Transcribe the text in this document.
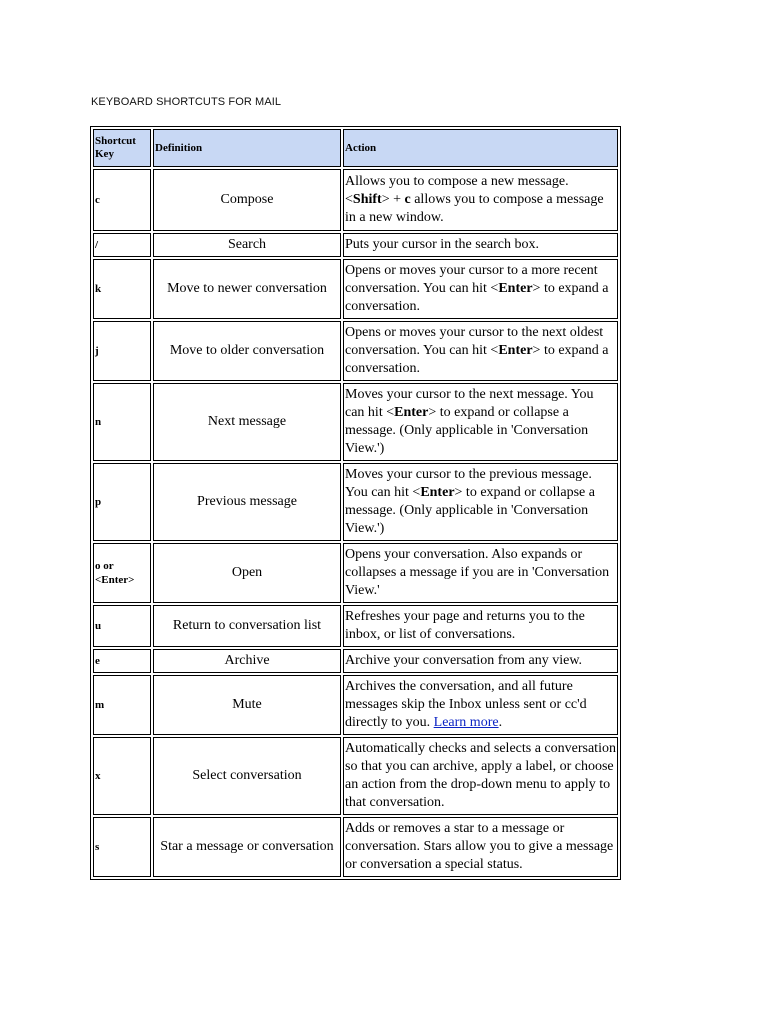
KEYBOARD SHORTCUTS FOR MAIL
Shortcut Key	Definition	Action
c	Compose	Allows you to compose a new message. <Shift> + c allows you to compose a message in a new window.
/	Search	Puts your cursor in the search box.
k	Move to newer conversation	Opens or moves your cursor to a more recent conversation. You can hit <Enter> to expand a conversation.
j	Move to older conversation	Opens or moves your cursor to the next oldest conversation. You can hit <Enter> to expand a conversation.
n	Next message	Moves your cursor to the next message. You can hit <Enter> to expand or collapse a message. (Only applicable in 'Conversation View.')
p	Previous message	Moves your cursor to the previous message. You can hit <Enter> to expand or collapse a message. (Only applicable in 'Conversation View.')
o or <Enter>	Open	Opens your conversation. Also expands or collapses a message if you are in 'Conversation View.'
u	Return to conversation list	Refreshes your page and returns you to the inbox, or list of conversations.
e	Archive	Archive your conversation from any view.
m	Mute	Archives the conversation, and all future messages skip the Inbox unless sent or cc'd directly to you. Learn more.
x	Select conversation	Automatically checks and selects a conversation so that you can archive, apply a label, or choose an action from the drop-down menu to apply to that conversation.
s	Star a message or conversation	Adds or removes a star to a message or conversation. Stars allow you to give a message or conversation a special status.
